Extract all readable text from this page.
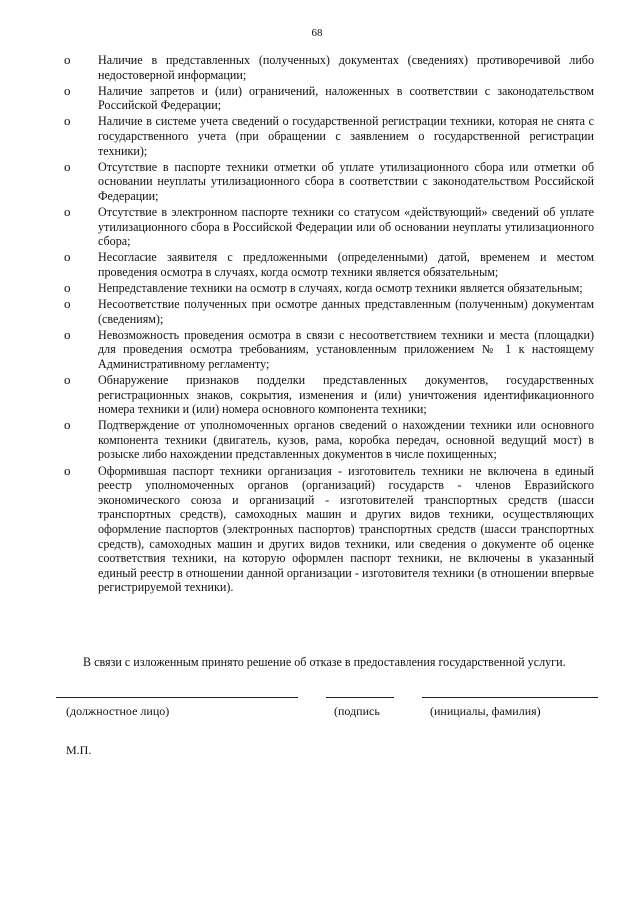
68
o	Наличие в представленных (полученных) документах (сведениях) противоречивой либо недостоверной информации;
o	Наличие запретов и (или) ограничений, наложенных в соответствии с законодательством Российской Федерации;
o	Наличие в системе учета сведений о государственной регистрации техники, которая не снята с государственного учета (при обращении с заявлением о государственной регистрации техники);
o	Отсутствие в паспорте техники отметки об уплате утилизационного сбора или отметки об основании неуплаты утилизационного сбора в соответствии с законодательством Российской Федерации;
o	Отсутствие в электронном паспорте техники со статусом «действующий» сведений об уплате утилизационного сбора в Российской Федерации или об основании неуплаты утилизационного сбора;
o	Несогласие заявителя с предложенными (определенными) датой, временем и местом проведения осмотра в случаях, когда осмотр техники является обязательным;
o	Непредставление техники на осмотр в случаях, когда осмотр техники является обязательным;
o	Несоответствие полученных при осмотре данных представленным (полученным) документам (сведениям);
o	Невозможность проведения осмотра в связи с несоответствием техники и места (площадки) для проведения осмотра требованиям, установленным приложением № 1 к настоящему Административному регламенту;
o	Обнаружение признаков подделки представленных документов, государственных регистрационных знаков, сокрытия, изменения и (или) уничтожения идентификационного номера техники и (или) номера основного компонента техники;
o	Подтверждение от уполномоченных органов сведений о нахождении техники или основного компонента техники (двигатель, кузов, рама, коробка передач, основной ведущий мост) в розыске либо нахождении представленных документов в числе похищенных;
o	Оформившая паспорт техники организация - изготовитель техники не включена в единый реестр уполномоченных органов (организаций) государств - членов Евразийского экономического союза и организаций - изготовителей транспортных средств (шасси транспортных средств), самоходных машин и других видов техники, осуществляющих оформление паспортов (электронных паспортов) транспортных средств (шасси транспортных средств), самоходных машин и других видов техники, или сведения о документе об оценке соответствия техники, на которую оформлен паспорт техники, не включены в указанный единый реестр в отношении данной организации - изготовителя техники (в отношении впервые регистрируемой техники).
В связи с изложенным принято решение об отказе в предоставления государственной услуги.
(должностное лицо)	(подпись	(инициалы, фамилия)
М.П.
